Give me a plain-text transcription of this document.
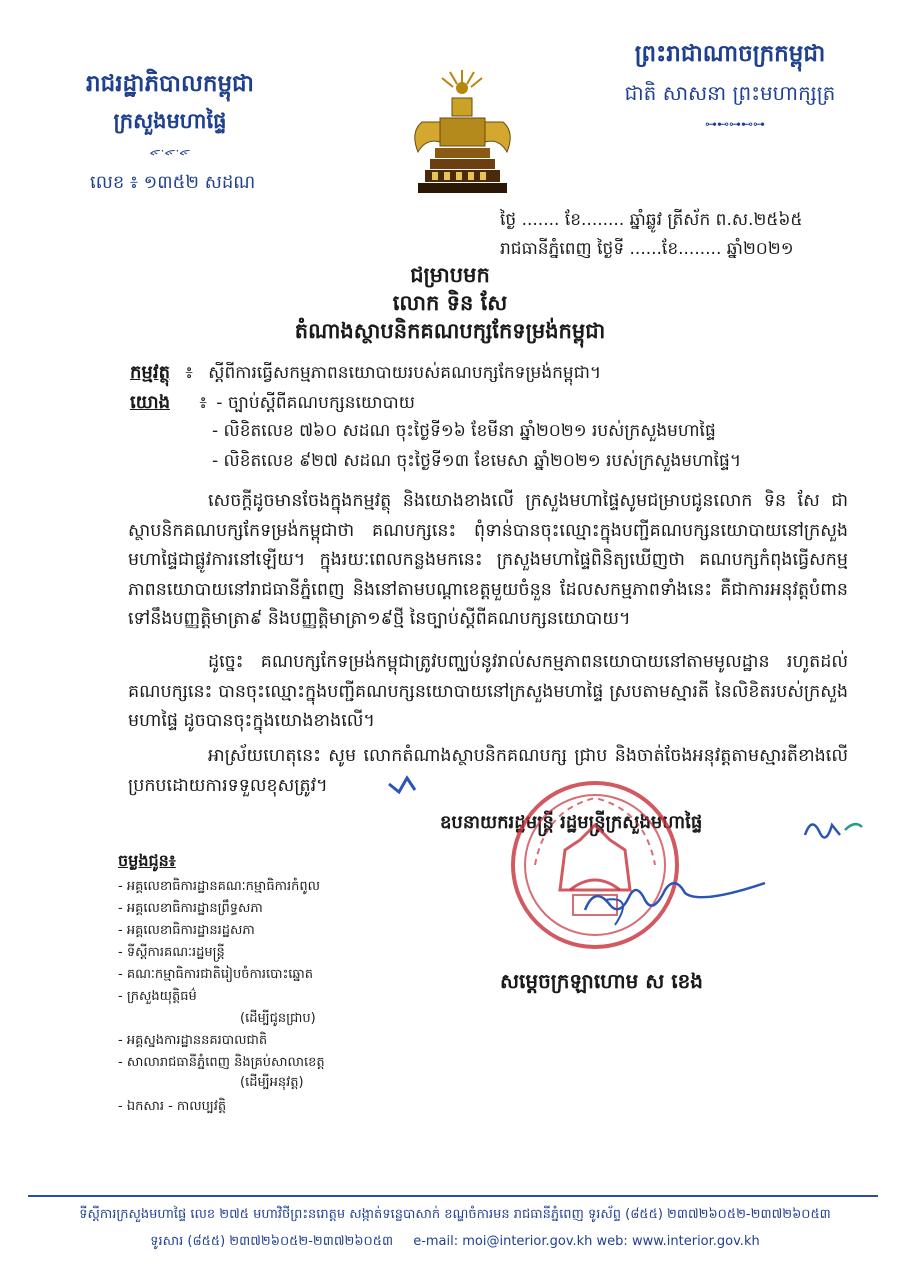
រាជរដ្ឋាភិបាលកម្ពុជា
ក្រសួងមហាផ្ទៃ
ᯠ·ᯠ·ᯠ
លេខ ៖ ១៣៥២ សដណ
ព្រះរាជាណាចក្រកម្ពុជា
ជាតិ សាសនា ព្រះមហាក្សត្រ
⊶⊷⊶⊷⊶
ថ្ងៃ ....... ខែ........ ឆ្នាំឆ្លូវ ត្រីស័ក ព.ស.២៥៦៥
រាជធានីភ្នំពេញ ថ្ងៃទី ......ខែ........ ឆ្នាំ២០២១
ជម្រាបមក
លោក ទិន សែ
តំណាងស្ថាបនិកគណបក្សកែទម្រង់កម្ពុជា
កម្មវត្ថុ ៖ ស្ដីពីការធ្វើសកម្មភាពនយោបាយរបស់គណបក្សកែទម្រង់កម្ពុជា។
យោង ៖ - ច្បាប់ស្ដីពីគណបក្សនយោបាយ
- លិខិតលេខ ៧៦០ សដណ ចុះថ្ងៃទី១៦ ខែមីនា ឆ្នាំ២០២១ របស់ក្រសួងមហាផ្ទៃ
- លិខិតលេខ ៩២៧ សដណ ចុះថ្ងៃទី១៣ ខែមេសា ឆ្នាំ២០២១ របស់ក្រសួងមហាផ្ទៃ។

សេចក្ដីដូចមានចែងក្នុងកម្មវត្ថុ និងយោងខាងលើ ក្រសួងមហាផ្ទៃសូមជម្រាបជូនលោក ទិន សែ ជាស្ថាបនិកគណបក្សកែទម្រង់កម្ពុជាថា គណបក្សនេះ ពុំទាន់បានចុះឈ្មោះក្នុងបញ្ជីគណបក្សនយោបាយនៅក្រសួងមហាផ្ទៃជាផ្លូវការនៅឡើយ។ ក្នុងរយៈពេលកន្លងមកនេះ ក្រសួងមហាផ្ទៃពិនិត្យឃើញថា គណបក្សកំពុងធ្វើសកម្មភាពនយោបាយនៅរាជធានីភ្នំពេញ និងនៅតាមបណ្ដាខេត្តមួយចំនួន ដែលសកម្មភាពទាំងនេះ គឺជាការអនុវត្តបំពានទៅនឹងបញ្ញត្តិមាត្រា៩ និងបញ្ញត្តិមាត្រា១៩ថ្មី នៃច្បាប់ស្ដីពីគណបក្សនយោបាយ។

ដូច្នេះ គណបក្សកែទម្រង់កម្ពុជាត្រូវបញ្ឈប់នូវរាល់សកម្មភាពនយោបាយនៅតាមមូលដ្ឋាន រហូតដល់គណបក្សនេះ បានចុះឈ្មោះក្នុងបញ្ជីគណបក្សនយោបាយនៅក្រសួងមហាផ្ទៃ ស្របតាមស្មារតី នៃលិខិតរបស់ក្រសួងមហាផ្ទៃ ដូចបានចុះក្នុងយោងខាងលើ។

អាស្រ័យហេតុនេះ សូម លោកតំណាងស្ថាបនិកគណបក្ស ជ្រាប និងចាត់ចែងអនុវត្តតាមស្មារតីខាងលើប្រកបដោយការទទួលខុសត្រូវ។

ឧបនាយករដ្ឋមន្ត្រី រដ្ឋមន្ត្រីក្រសួងមហាផ្ទៃ
សម្ដេចក្រឡាហោម ស ខេង
ចម្លងជូន៖
- អគ្គលេខាធិការដ្ឋានគណៈកម្មាធិការកំពូល
- អគ្គលេខាធិការដ្ឋានព្រឹទ្ធសភា
- អគ្គលេខាធិការដ្ឋានរដ្ឋសភា
- ទីស្ដីការគណៈរដ្ឋមន្ត្រី
- គណៈកម្មាធិការជាតិរៀបចំការបោះឆ្នោត
- ក្រសួងយុត្តិធម៌
(ដើម្បីជូនជ្រាប)
- អគ្គស្នងការដ្ឋាននគរបាលជាតិ
- សាលារាជធានីភ្នំពេញ និងគ្រប់សាលាខេត្ត
(ដើម្បីអនុវត្ត)
- ឯកសារ - កាលប្បវត្តិ
ទីស្ដីការក្រសួងមហាផ្ទៃ លេខ ២៧៥ មហាវិថីព្រះនរោត្តម សង្កាត់ទន្លេបាសាក់ ខណ្ឌចំការមន រាជធានីភ្នំពេញ ទូរស័ព្ទ (៨៥៥) ២៣៧២៦០៥២-២៣៧២៦០៥៣
ទូរសារ (៨៥៥) ២៣៧២៦០៥២-២៣៧២៦០៥៣ e-mail: moi@interior.gov.kh web: www.interior.gov.kh
